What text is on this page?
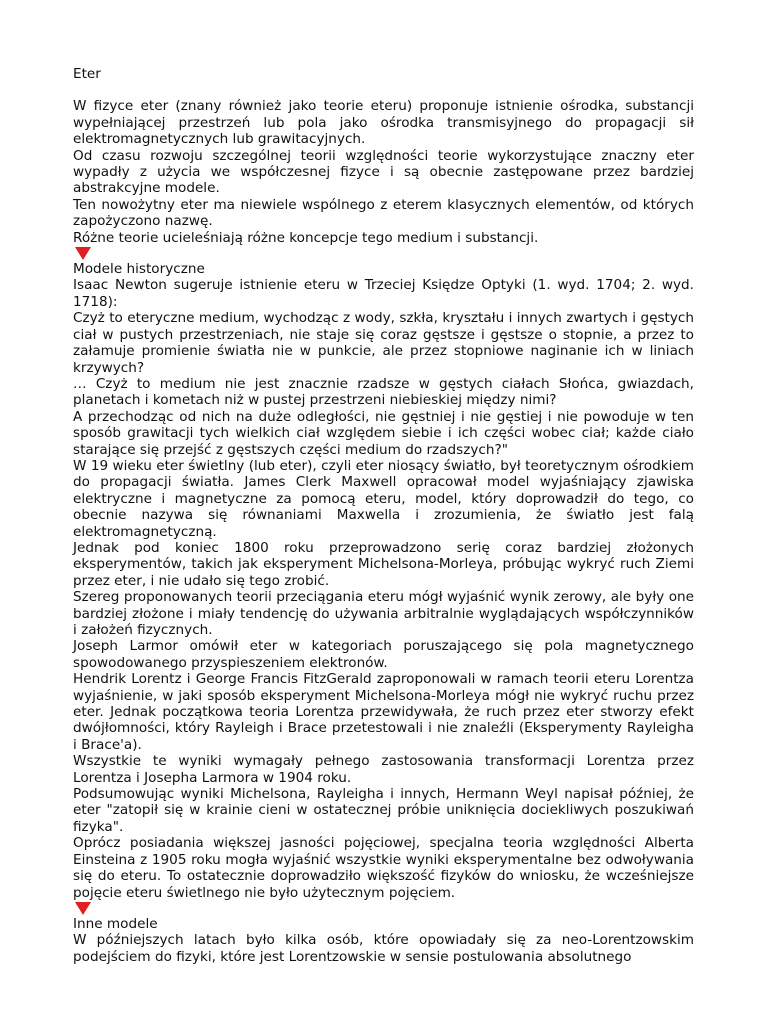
Eter

W fizyce eter (znany również jako teorie eteru) proponuje istnienie ośrodka, substancji wypełniającej przestrzeń lub pola jako ośrodka transmisyjnego do propagacji sił elektromagnetycznych lub grawitacyjnych.

Od czasu rozwoju szczególnej teorii względności teorie wykorzystujące znaczny eter wypadły z użycia we współczesnej fizyce i są obecnie zastępowane przez bardziej abstrakcyjne modele.

Ten nowożytny eter ma niewiele wspólnego z eterem klasycznych elementów, od których zapożyczono nazwę.

Różne teorie ucieleśniają różne koncepcje tego medium i substancji.

Modele historyczne

Isaac Newton sugeruje istnienie eteru w Trzeciej Księdze Optyki (1. wyd. 1704; 2. wyd. 1718):

Czyż to eteryczne medium, wychodząc z wody, szkła, kryształu i innych zwartych i gęstych ciał w pustych przestrzeniach, nie staje się coraz gęstsze i gęstsze o stopnie, a przez to załamuje promienie światła nie w punkcie, ale przez stopniowe naginanie ich w liniach krzywych?

… Czyż to medium nie jest znacznie rzadsze w gęstych ciałach Słońca, gwiazdach, planetach i kometach niż w pustej przestrzeni niebieskiej między nimi?

A przechodząc od nich na duże odległości, nie gęstniej i nie gęstiej i nie powoduje w ten sposób grawitacji tych wielkich ciał względem siebie i ich części wobec ciał; każde ciało starające się przejść z gęstszych części medium do rzadszych?"

W 19 wieku eter świetlny (lub eter), czyli eter niosący światło, był teoretycznym ośrodkiem do propagacji światła. James Clerk Maxwell opracował model wyjaśniający zjawiska elektryczne i magnetyczne za pomocą eteru, model, który doprowadził do tego, co obecnie nazywa się równaniami Maxwella i zrozumienia, że światło jest falą elektromagnetyczną.

Jednak pod koniec 1800 roku przeprowadzono serię coraz bardziej złożonych eksperymentów, takich jak eksperyment Michelsona-Morleya, próbując wykryć ruch Ziemi przez eter, i nie udało się tego zrobić.

Szereg proponowanych teorii przeciągania eteru mógł wyjaśnić wynik zerowy, ale były one bardziej złożone i miały tendencję do używania arbitralnie wyglądających współczynników i założeń fizycznych.

Joseph Larmor omówił eter w kategoriach poruszającego się pola magnetycznego spowodowanego przyspieszeniem elektronów.

Hendrik Lorentz i George Francis FitzGerald zaproponowali w ramach teorii eteru Lorentza wyjaśnienie, w jaki sposób eksperyment Michelsona-Morleya mógł nie wykryć ruchu przez eter. Jednak początkowa teoria Lorentza przewidywała, że ruch przez eter stworzy efekt dwójłomności, który Rayleigh i Brace przetestowali i nie znaleźli (Eksperymenty Rayleigha i Brace'a).

Wszystkie te wyniki wymagały pełnego zastosowania transformacji Lorentza przez Lorentza i Josepha Larmora w 1904 roku.

Podsumowując wyniki Michelsona, Rayleigha i innych, Hermann Weyl napisał później, że eter "zatopił się w krainie cieni w ostatecznej próbie uniknięcia dociekliwych poszukiwań fizyka".

Oprócz posiadania większej jasności pojęciowej, specjalna teoria względności Alberta Einsteina z 1905 roku mogła wyjaśnić wszystkie wyniki eksperymentalne bez odwoływania się do eteru. To ostatecznie doprowadziło większość fizyków do wniosku, że wcześniejsze pojęcie eteru świetlnego nie było użytecznym pojęciem.

Inne modele

W późniejszych latach było kilka osób, które opowiadały się za neo-Lorentzowskim podejściem do fizyki, które jest Lorentzowskie w sensie postulowania absolutnego
